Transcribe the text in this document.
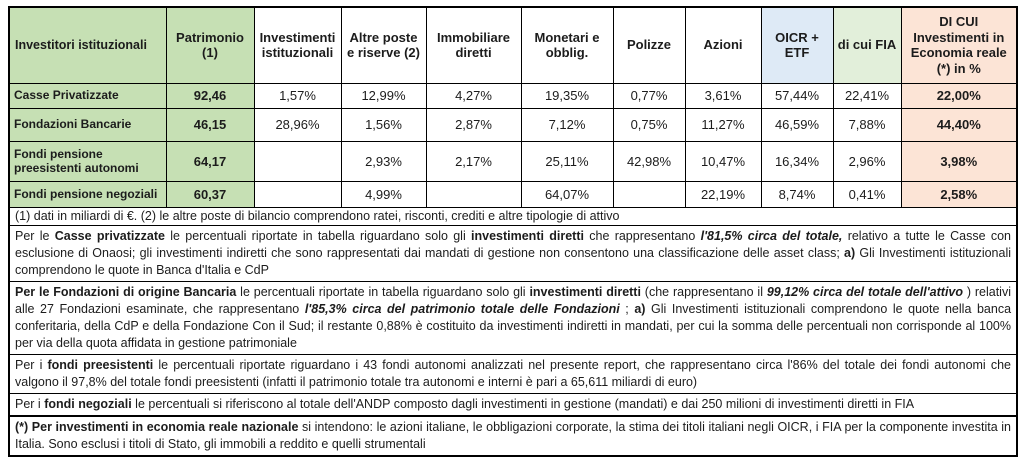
Investitori istituzionali	Patrimonio (1)	Investimenti istituzionali	Altre poste e riserve (2)	Immobiliare diretti	Monetari e obblig.	Polizze	Azioni	OICR + ETF	di cui FIA	DI CUI Investimenti in Economia reale (*) in %
Casse Privatizzate	92,46	1,57%	12,99%	4,27%	19,35%	0,77%	3,61%	57,44%	22,41%	22,00%
Fondazioni Bancarie	46,15	28,96%	1,56%	2,87%	7,12%	0,75%	11,27%	46,59%	7,88%	44,40%
Fondi pensione preesistenti autonomi	64,17		2,93%	2,17%	25,11%	42,98%	10,47%	16,34%	2,96%	3,98%
Fondi pensione negoziali	60,37		4,99%		64,07%		22,19%	8,74%	0,41%	2,58%
(1) dati in miliardi di €. (2) le altre poste di bilancio comprendono ratei, risconti, crediti e altre tipologie di attivo										
Per le Casse privatizzate le percentuali riportate in tabella riguardano solo gli investimenti diretti che rappresentano l'81,5% circa del totale, relativo a tutte le Casse con esclusione di Onaosi; gli investimenti indiretti che sono rappresentati dai mandati di gestione non consentono una classificazione delle asset class; a) Gli Investimenti istituzionali comprendono le quote in Banca d'Italia e CdP										
Per le Fondazioni di origine Bancaria le percentuali riportate in tabella riguardano solo gli investimenti diretti (che rappresentano il 99,12% circa del totale dell'attivo ) relativi alle 27 Fondazioni esaminate, che rappresentano l'85,3% circa del patrimonio totale delle Fondazioni ; a) Gli Investimenti istituzionali comprendono le quote nella banca conferitaria, della CdP e della Fondazione Con il Sud; il restante 0,88% è costituito da investimenti indiretti in mandati, per cui la somma delle percentuali non corrisponde al 100% per via della quota affidata in gestione patrimoniale										
Per i fondi preesistenti le percentuali riportate riguardano i 43 fondi autonomi analizzati nel presente report, che rappresentano circa l'86% del totale dei fondi autonomi che valgono il 97,8% del totale fondi preesistenti (infatti il patrimonio totale tra autonomi e interni è pari a 65,611 miliardi di euro)										
Per i fondi negoziali le percentuali si riferiscono al totale dell'ANDP composto dagli investimenti in gestione (mandati) e dai 250 milioni di investimenti diretti in FIA										
(*) Per investimenti in economia reale nazionale si intendono: le azioni italiane, le obbligazioni corporate, la stima dei titoli italiani negli OICR, i FIA per la componente investita in Italia. Sono esclusi i titoli di Stato, gli immobili a reddito e quelli strumentali										
